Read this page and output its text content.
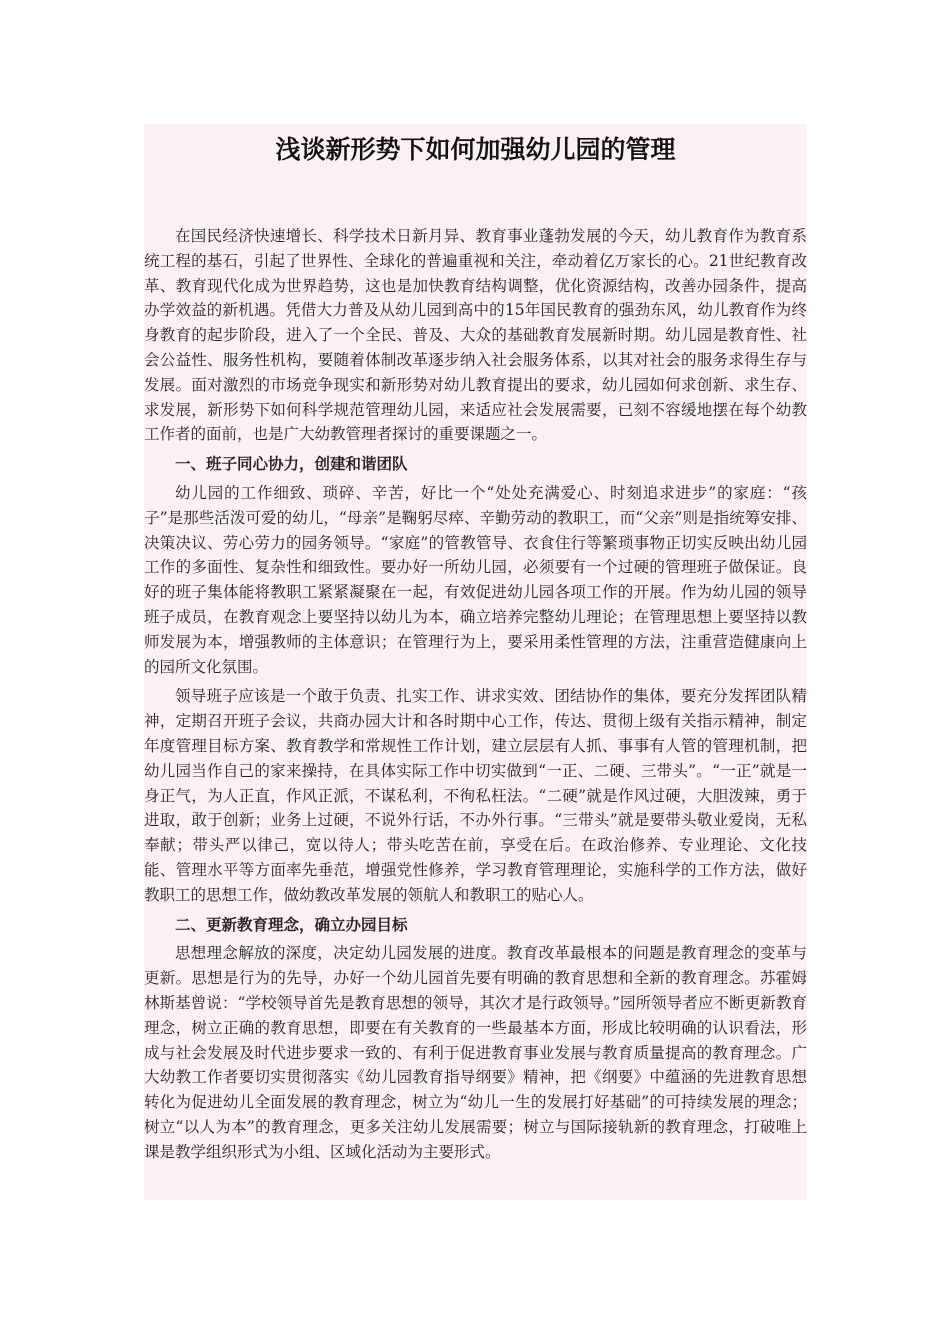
浅谈新形势下如何加强幼儿园的管理

在国民经济快速增长、科学技术日新月异、教育事业蓬勃发展的今天，幼儿教育作为教育系统工程的基石，引起了世界性、全球化的普遍重视和关注，牵动着亿万家长的心。21世纪教育改革、教育现代化成为世界趋势，这也是加快教育结构调整，优化资源结构，改善办园条件，提高办学效益的新机遇。凭借大力普及从幼儿园到高中的15年国民教育的强劲东风，幼儿教育作为终身教育的起步阶段，进入了一个全民、普及、大众的基础教育发展新时期。幼儿园是教育性、社会公益性、服务性机构，要随着体制改革逐步纳入社会服务体系，以其对社会的服务求得生存与发展。面对激烈的市场竞争现实和新形势对幼儿教育提出的要求，幼儿园如何求创新、求生存、求发展，新形势下如何科学规范管理幼儿园，来适应社会发展需要，已刻不容缓地摆在每个幼教工作者的面前，也是广大幼教管理者探讨的重要课题之一。

一、班子同心协力，创建和谐团队

幼儿园的工作细致、琐碎、辛苦，好比一个“处处充满爱心、时刻追求进步”的家庭：“孩子”是那些活泼可爱的幼儿，“母亲”是鞠躬尽瘁、辛勤劳动的教职工，而“父亲”则是指统筹安排、决策决议、劳心劳力的园务领导。“家庭”的管教管导、衣食住行等繁琐事物正切实反映出幼儿园工作的多面性、复杂性和细致性。要办好一所幼儿园，必须要有一个过硬的管理班子做保证。良好的班子集体能将教职工紧紧凝聚在一起，有效促进幼儿园各项工作的开展。作为幼儿园的领导班子成员，在教育观念上要坚持以幼儿为本，确立培养完整幼儿理论；在管理思想上要坚持以教师发展为本，增强教师的主体意识；在管理行为上，要采用柔性管理的方法，注重营造健康向上的园所文化氛围。

领导班子应该是一个敢于负责、扎实工作、讲求实效、团结协作的集体，要充分发挥团队精神，定期召开班子会议，共商办园大计和各时期中心工作，传达、贯彻上级有关指示精神，制定年度管理目标方案、教育教学和常规性工作计划，建立层层有人抓、事事有人管的管理机制，把幼儿园当作自己的家来操持，在具体实际工作中切实做到“一正、二硬、三带头”。“一正”就是一身正气，为人正直，作风正派，不谋私利，不徇私枉法。“二硬”就是作风过硬，大胆泼辣，勇于进取，敢于创新；业务上过硬，不说外行话，不办外行事。“三带头”就是要带头敬业爱岗，无私奉献；带头严以律己，宽以待人；带头吃苦在前，享受在后。在政治修养、专业理论、文化技能、管理水平等方面率先垂范，增强党性修养，学习教育管理理论，实施科学的工作方法，做好教职工的思想工作，做幼教改革发展的领航人和教职工的贴心人。

二、更新教育理念，确立办园目标

思想理念解放的深度，决定幼儿园发展的进度。教育改革最根本的问题是教育理念的变革与更新。思想是行为的先导，办好一个幼儿园首先要有明确的教育思想和全新的教育理念。苏霍姆林斯基曾说：“学校领导首先是教育思想的领导，其次才是行政领导。”园所领导者应不断更新教育理念，树立正确的教育思想，即要在有关教育的一些最基本方面，形成比较明确的认识看法，形成与社会发展及时代进步要求一致的、有利于促进教育事业发展与教育质量提高的教育理念。广大幼教工作者要切实贯彻落实《幼儿园教育指导纲要》精神，把《纲要》中蕴涵的先进教育思想转化为促进幼儿全面发展的教育理念，树立为“幼儿一生的发展打好基础”的可持续发展的理念；树立“以人为本”的教育理念，更多关注幼儿发展需要；树立与国际接轨新的教育理念，打破唯上课是教学组织形式为小组、区域化活动为主要形式。
